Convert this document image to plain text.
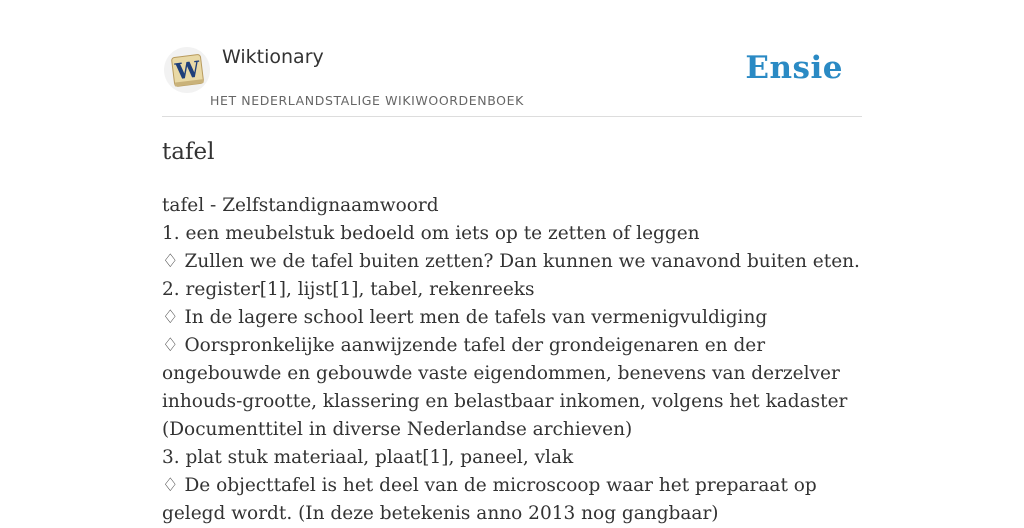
W Wiktionary
HET NEDERLANDSTALIGE WIKIWOORDENBOEK
Ensie
tafel
tafel - Zelfstandignaamwoord
1. een meubelstuk bedoeld om iets op te zetten of leggen
♢ Zullen we de tafel buiten zetten? Dan kunnen we vanavond buiten eten.
2. register[1], lijst[1], tabel, rekenreeks
♢ In de lagere school leert men de tafels van vermenigvuldiging
♢ Oorspronkelijke aanwijzende tafel der grondeigenaren en der ongebouwde en gebouwde vaste eigendommen, benevens van derzelver inhouds-grootte, klassering en belastbaar inkomen, volgens het kadaster (Documenttitel in diverse Nederlandse archieven)
3. plat stuk materiaal, plaat[1], paneel, vlak
♢ De objecttafel is het deel van de microscoop waar het preparaat op gelegd wordt. (In deze betekenis anno 2013 nog gangbaar)
